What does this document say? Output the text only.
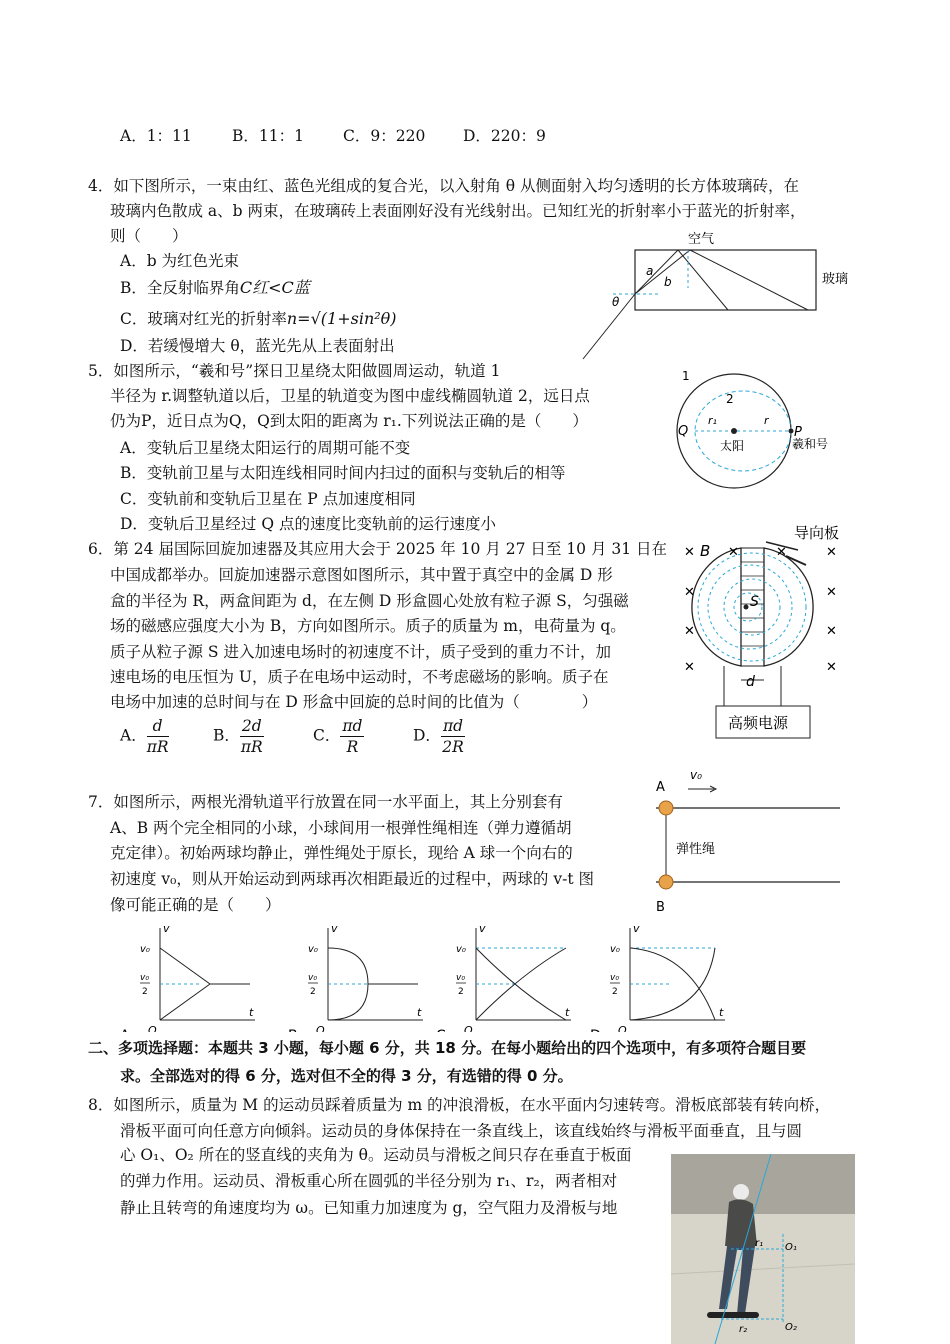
A．1：11	B．11：1	C．9：220 D．220：9
4．如下图所示，一束由红、蓝色光组成的复合光，以入射角 θ 从侧面射入均匀透明的长方体玻璃砖，在
玻璃内色散成 a、b 两束，在玻璃砖上表面刚好没有光线射出。已知红光的折射率小于蓝光的折射率，
则（　　）
A．b 为红色光束
B．全反射临界角C红<C蓝
C．玻璃对红光的折射率n=√(1+sin²θ)
D．若缓慢增大 θ，蓝光先从上表面射出
空气
玻璃
a
b
θ
5．如图所示，“羲和号”探日卫星绕太阳做圆周运动，轨道 1
半径为 r.调整轨道以后，卫星的轨道变为图中虚线椭圆轨道 2，远日点
仍为P，近日点为Q，Q到太阳的距离为 r₁.下列说法正确的是（　　）
A．变轨后卫星绕太阳运行的周期可能不变
B．变轨前卫星与太阳连线相同时间内扫过的面积与变轨后的相等
C．变轨前和变轨后卫星在 P 点加速度相同
D．变轨后卫星经过 Q 点的速度比变轨前的运行速度小
1
2
Q	P
r₁	r
太阳	羲和号
6．第 24 届国际回旋加速器及其应用大会于 2025 年 10 月 27 日至 10 月 31 日在
中国成都举办。回旋加速器示意图如图所示，其中置于真空中的金属 D 形
盒的半径为 R，两盒间距为 d，在左侧 D 形盒圆心处放有粒子源 S，匀强磁
场的磁感应强度大小为 B，方向如图所示。质子的质量为 m，电荷量为 q。
质子从粒子源 S 进入加速电场时的初速度不计，质子受到的重力不计，加
速电场的电压恒为 U，质子在电场中运动时，不考虑磁场的影响。质子在
电场中加速的总时间与在 D 形盒中回旋的总时间的比值为（　　　　）
A． $\frac{d}{\pi R}$	B． $\frac{2d}{\pi R}$	C． $\frac{\pi d}{R}$	D． $\frac{\pi d}{2R}$
导向板
S
B
✕	✕
✕	✕
✕	✕
✕	✕
✕	✕
d
高频电源
7．如图所示，两根光滑轨道平行放置在同一水平面上，其上分别套有
A、B 两个完全相同的小球，小球间用一根弹性绳相连（弹力遵循胡
克定律）。初始两球均静止，弹性绳处于原长，现给 A 球一个向右的
初速度 v₀，则从开始运动到两球再次相距最近的过程中，两球的 v-t 图
像可能正确的是（　　）
A
v₀
弹性绳
B
v
t
O
v₀
v₀
2
v
t
O
v₀
v₀
2
v
t
O
v₀
v₀
2
v
t
O
v₀
v₀
2
二、多项选择题：本题共 3 小题，每小题 6 分，共 18 分。在每小题给出的四个选项中，有多项符合题目要
求。全部选对的得 6 分，选对但不全的得 3 分，有选错的得 0 分。
8．如图所示，质量为 M 的运动员踩着质量为 m 的冲浪滑板，在水平面内匀速转弯。滑板底部装有转向桥，
滑板平面可向任意方向倾斜。运动员的身体保持在一条直线上，该直线始终与滑板平面垂直，且与圆
心 O₁、O₂ 所在的竖直线的夹角为 θ。运动员与滑板之间只存在垂直于板面
的弹力作用。运动员、滑板重心所在圆弧的半径分别为 r₁、r₂，两者相对
静止且转弯的角速度均为 ω。已知重力加速度为 g，空气阻力及滑板与地
r₁ O₁
r₂	O₂
